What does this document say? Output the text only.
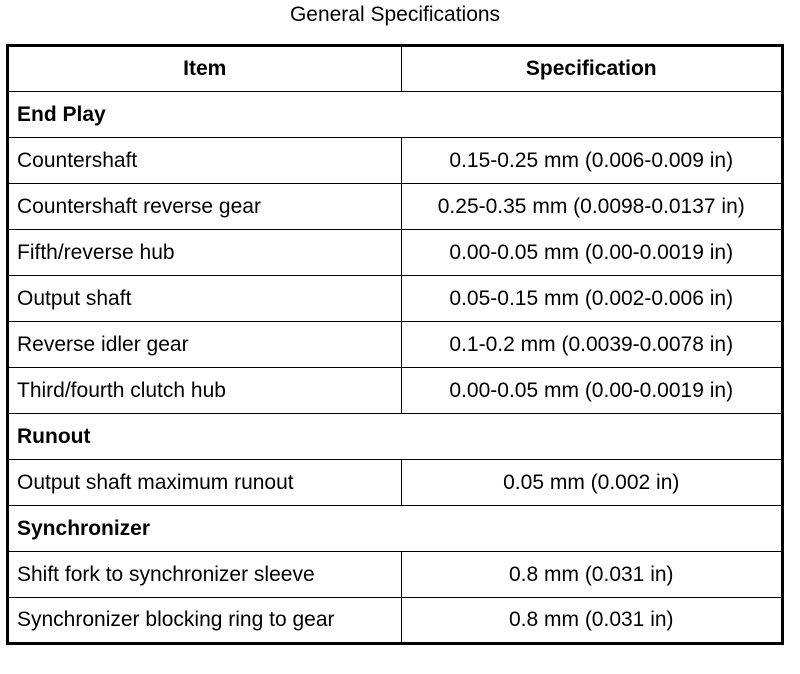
General Specifications
Item	Specification
End Play	
Countershaft	0.15-0.25 mm (0.006-0.009 in)
Countershaft reverse gear	0.25-0.35 mm (0.0098-0.0137 in)
Fifth/reverse hub	0.00-0.05 mm (0.00-0.0019 in)
Output shaft	0.05-0.15 mm (0.002-0.006 in)
Reverse idler gear	0.1-0.2 mm (0.0039-0.0078 in)
Third/fourth clutch hub	0.00-0.05 mm (0.00-0.0019 in)
Runout	
Output shaft maximum runout	0.05 mm (0.002 in)
Synchronizer	
Shift fork to synchronizer sleeve	0.8 mm (0.031 in)
Synchronizer blocking ring to gear	0.8 mm (0.031 in)
